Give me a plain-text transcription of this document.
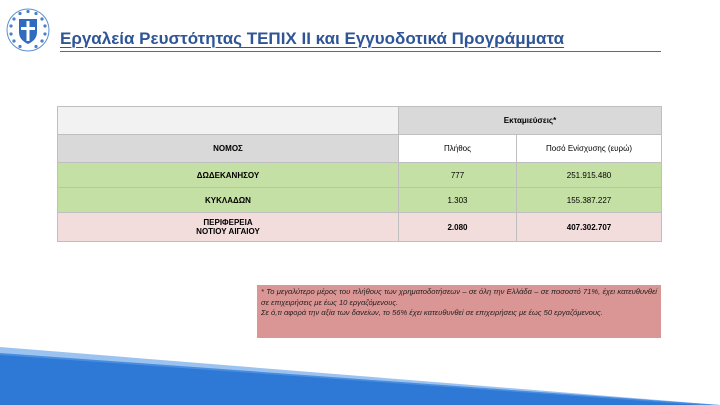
Εργαλεία Ρευστότητας ΤΕΠΙΧ ΙΙ και Εγγυοδοτικά Προγράμματα
	Εκταμιεύσεις*	
ΝΟΜΟΣ	Πλήθος	Ποσό Ενίσχυσης (ευρώ)
ΔΩΔΕΚΑΝΗΣΟΥ	777	251.915.480
ΚΥΚΛΑΔΩΝ	1.303	155.387.227

ΠΕΡΙΦΕΡΕΙΑ
ΝΟΤΙΟΥ ΑΙΓΑΙΟΥ	2.080	407.302.707

* Το μεγαλύτερο μέρος του πλήθους των χρηματοδοτήσεων – σε όλη την Ελλάδα – σε ποσοστό 71%, έχει κατευθυνθεί σε επιχειρήσεις με έως 10 εργαζόμενους.

Σε ό,τι αφορά την αξία των δανείων, το 56% έχει κατευθυνθεί σε επιχειρήσεις με έως 50 εργαζόμενους.
